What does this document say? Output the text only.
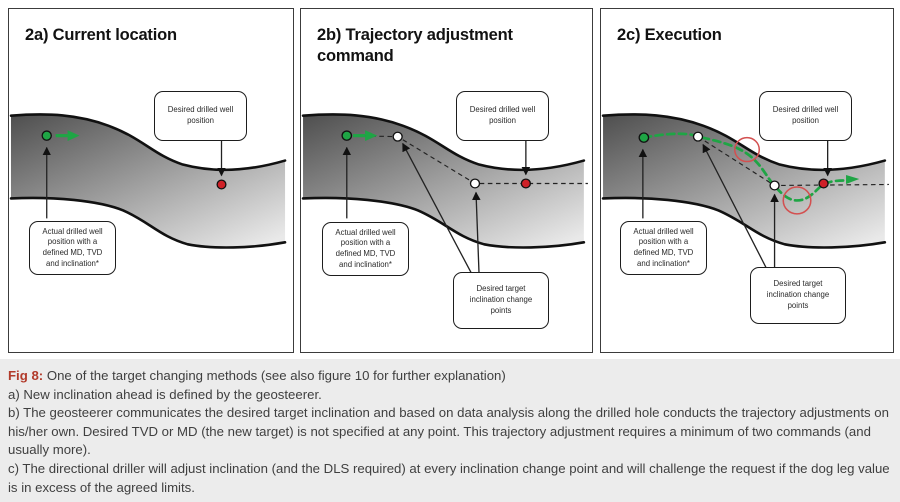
2a) Current location
Desired drilled well position
Actual drilled well position with a defined MD, TVD and inclination*
2b) Trajectory adjustment command
Desired drilled well position
Actual drilled well position with a defined MD, TVD and inclination*
Desired target inclination change points
2c) Execution
Desired drilled well position
Actual drilled well position with a defined MD, TVD and inclination*
Desired target inclination change points

Fig 8: One of the target changing methods (see also figure 10 for further explanation)

a) New inclination ahead is defined by the geosteerer.

b) The geosteerer communicates the desired target inclination and based on data analysis along the drilled hole conducts the trajectory adjustments on his/her own. Desired TVD or MD (the new target) is not specified at any point. This trajectory adjustment requires a minimum of two commands (and usually more).

c) The directional driller will adjust inclination (and the DLS required) at every inclination change point and will challenge the request if the dog leg value is in excess of the agreed limits.
